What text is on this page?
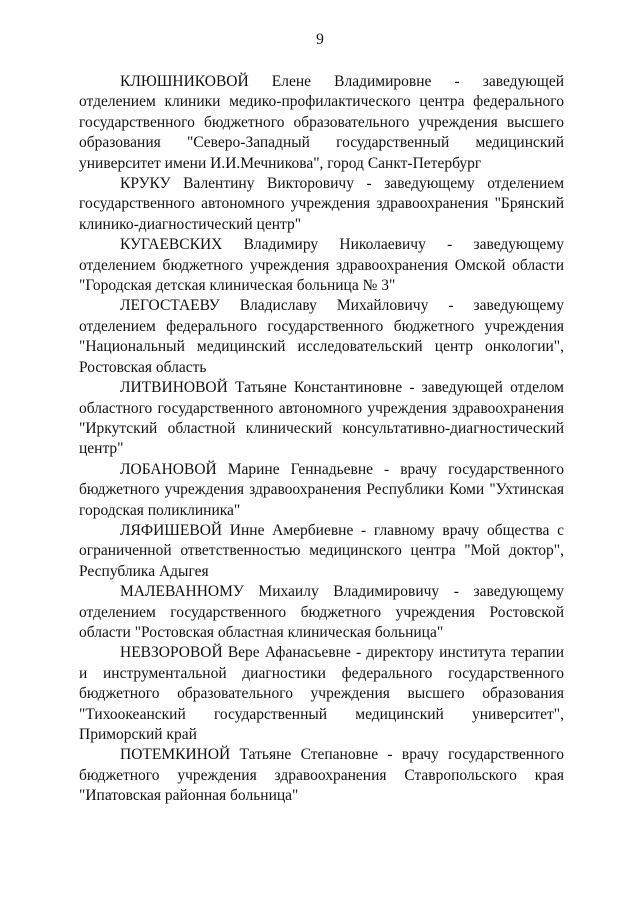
9

КЛЮШНИКОВОЙ Елене Владимировне - заведующей отделением клиники медико-профилактического центра федерального государственного бюджетного образовательного учреждения высшего образования "Северо-Западный государственный медицинский университет имени И.И.Мечникова", город Санкт-Петербург

КРУКУ Валентину Викторовичу - заведующему отделением государственного автономного учреждения здравоохранения "Брянский клинико-диагностический центр"

КУГАЕВСКИХ Владимиру Николаевичу - заведующему отделением бюджетного учреждения здравоохранения Омской области "Городская детская клиническая больница № 3"

ЛЕГОСТАЕВУ Владиславу Михайловичу - заведующему отделением федерального государственного бюджетного учреждения "Национальный медицинский исследовательский центр онкологии", Ростовская область

ЛИТВИНОВОЙ Татьяне Константиновне - заведующей отделом областного государственного автономного учреждения здравоохранения "Иркутский областной клинический консультативно-диагностический центр"

ЛОБАНОВОЙ Марине Геннадьевне - врачу государственного бюджетного учреждения здравоохранения Республики Коми "Ухтинская городская поликлиника"

ЛЯФИШЕВОЙ Инне Амербиевне - главному врачу общества с ограниченной ответственностью медицинского центра "Мой доктор", Республика Адыгея

МАЛЕВАННОМУ Михаилу Владимировичу - заведующему отделением государственного бюджетного учреждения Ростовской области "Ростовская областная клиническая больница"

НЕВЗОРОВОЙ Вере Афанасьевне - директору института терапии и инструментальной диагностики федерального государственного бюджетного образовательного учреждения высшего образования "Тихоокеанский государственный медицинский университет", Приморский край

ПОТЕМКИНОЙ Татьяне Степановне - врачу государственного бюджетного учреждения здравоохранения Ставропольского края "Ипатовская районная больница"
